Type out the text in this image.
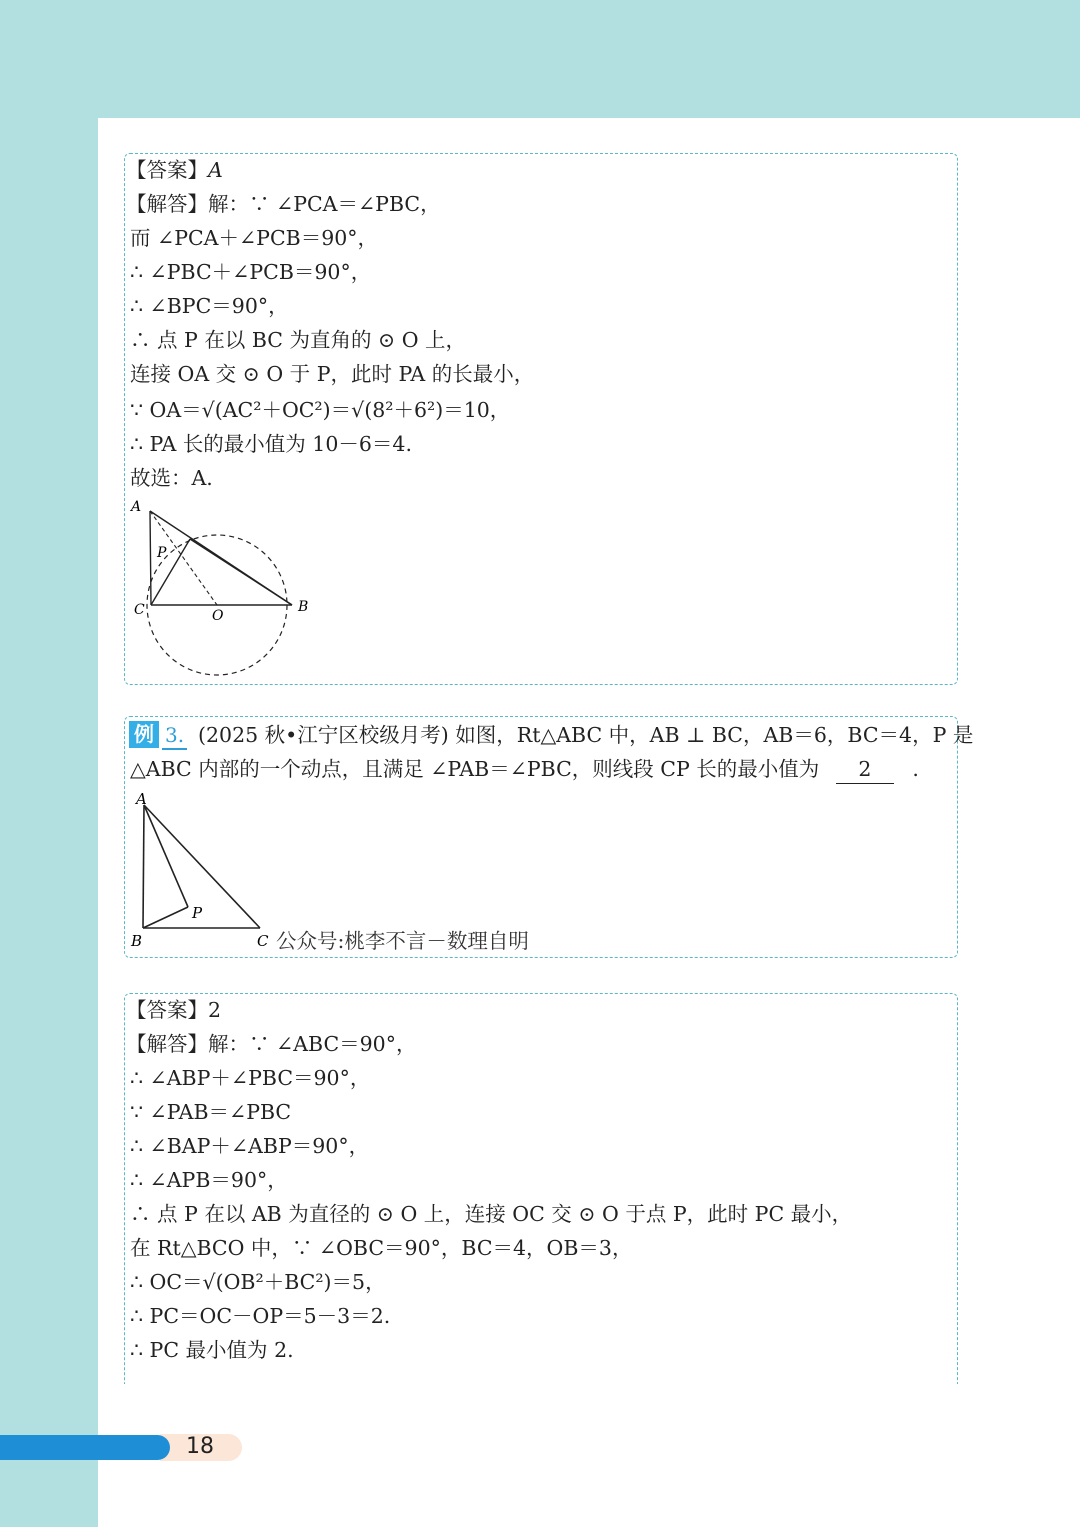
【答案】A
【解答】解：∵ ∠PCA＝∠PBC，
而 ∠PCA＋∠PCB＝90°，
∴ ∠PBC＋∠PCB＝90°，
∴ ∠BPC＝90°，
∴ 点 P 在以 BC 为直角的 ⊙ O 上，
连接 OA 交 ⊙ O 于 P，此时 PA 的长最小，
∵ OA＝√(AC²＋OC²)＝√(8²＋6²)＝10，
∴ PA 长的最小值为 10－6＝4.
故选：A.
A
P
C	O
B
例 3. (2025 秋•江宁区校级月考) 如图，Rt△ABC 中，AB ⊥ BC，AB＝6，BC＝4，P 是
△ABC 内部的一个动点，且满足 ∠PAB＝∠PBC，则线段 CP 长的最小值为 2 .
A
P
B	C 公众号:桃李不言－数理自明
【答案】2
【解答】解：∵ ∠ABC＝90°，
∴ ∠ABP＋∠PBC＝90°，
∵ ∠PAB＝∠PBC
∴ ∠BAP＋∠ABP＝90°，
∴ ∠APB＝90°，
∴ 点 P 在以 AB 为直径的 ⊙ O 上，连接 OC 交 ⊙ O 于点 P，此时 PC 最小，
在 Rt△BCO 中，∵ ∠OBC＝90°，BC＝4，OB＝3，
∴ OC＝√(OB²＋BC²)＝5，
∴ PC＝OC－OP＝5－3＝2.
∴ PC 最小值为 2.
18
